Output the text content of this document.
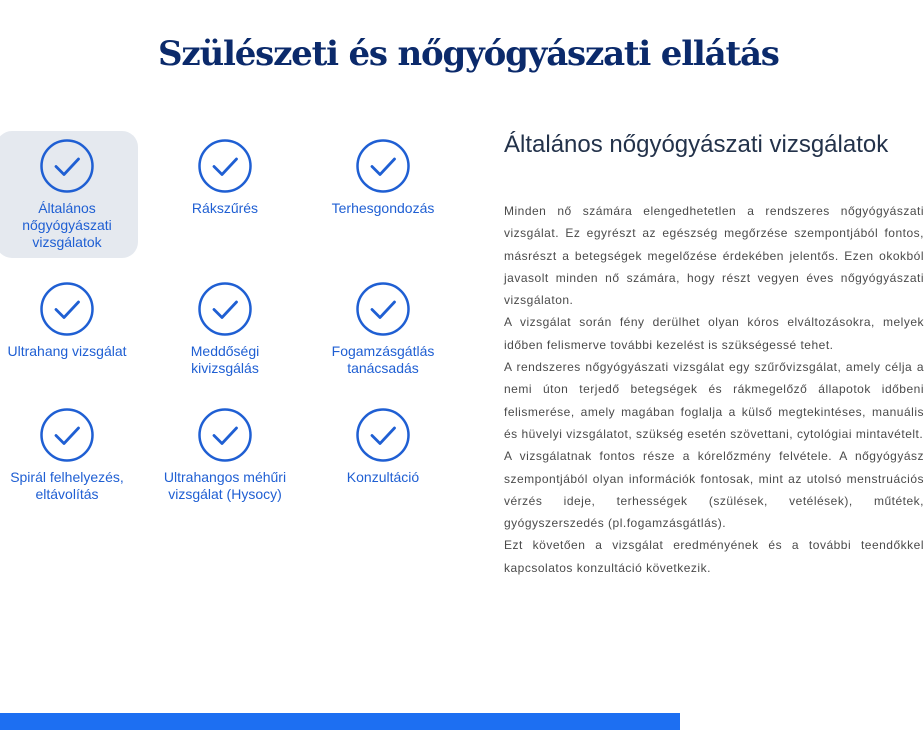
Szülészeti és nőgyógyászati ellátás
Általános nőgyógyászati vizsgálatok
Rákszűrés	Terhesgondozás
Ultrahang vizsgálat	Meddőségi kivizsgálás
Fogamzásgátlás tanácsadás
Spirál felhelyezés, eltávolítás
Ultrahangos méhűri vizsgálat (Hysocy)
Konzultáció
Általános nőgyógyászati vizsgálatok

Minden nő számára elengedhetetlen a rendszeres nőgyógyászati vizsgálat. Ez egyrészt az egészség megőrzése szempontjából fontos, másrészt a betegségek megelőzése érdekében jelentős. Ezen okokból javasolt minden nő számára, hogy részt vegyen éves nőgyógyászati vizsgálaton.

A vizsgálat során fény derülhet olyan kóros elváltozásokra, melyek időben felismerve további kezelést is szükségessé tehet.

A rendszeres nőgyógyászati vizsgálat egy szűrővizsgálat, amely célja a nemi úton terjedő betegségek és rákmegelőző állapotok időbeni felismerése, amely magában foglalja a külső megtekintéses, manuális és hüvelyi vizsgálatot, szükség esetén szövettani, cytológiai mintavételt.

A vizsgálatnak fontos része a kórelőzmény felvétele. A nőgyógyász szempontjából olyan információk fontosak, mint az utolsó menstruációs vérzés ideje, terhességek (szülések, vetélések), műtétek, gyógyszerszedés (pl.fogamzásgátlás).

Ezt követően a vizsgálat eredményének és a további teendőkkel kapcsolatos konzultáció következik.
